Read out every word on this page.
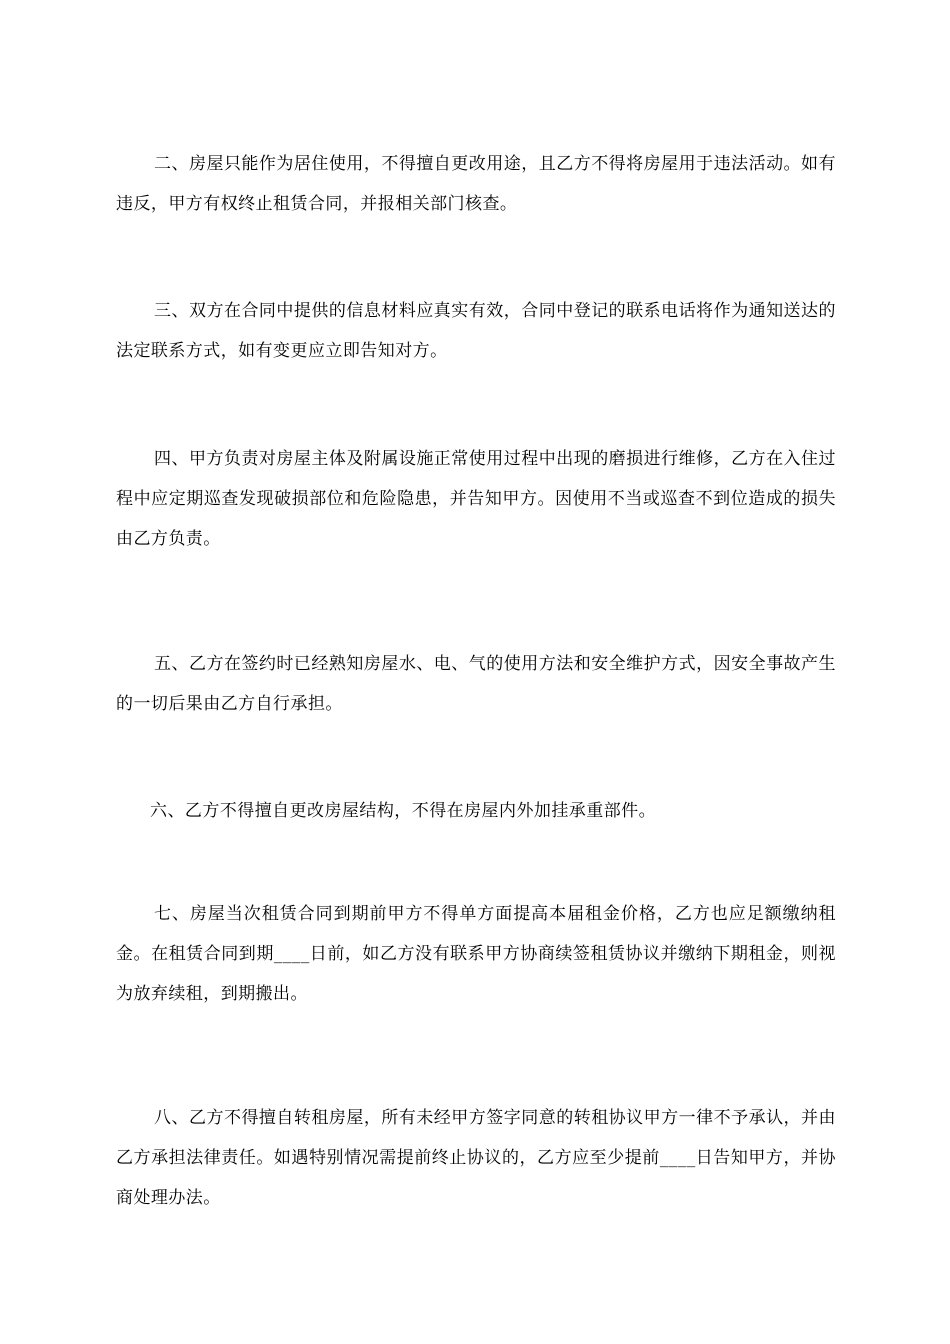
二、房屋只能作为居住使用，不得擅自更改用途，且乙方不得将房屋用于违法活动。如有违反，甲方有权终止租赁合同，并报相关部门核查。

三、双方在合同中提供的信息材料应真实有效，合同中登记的联系电话将作为通知送达的法定联系方式，如有变更应立即告知对方。

四、甲方负责对房屋主体及附属设施正常使用过程中出现的磨损进行维修，乙方在入住过程中应定期巡查发现破损部位和危险隐患，并告知甲方。因使用不当或巡查不到位造成的损失由乙方负责。

五、乙方在签约时已经熟知房屋水、电、气的使用方法和安全维护方式，因安全事故产生的一切后果由乙方自行承担。

六、乙方不得擅自更改房屋结构，不得在房屋内外加挂承重部件。

七、房屋当次租赁合同到期前甲方不得单方面提高本届租金价格，乙方也应足额缴纳租金。在租赁合同到期____日前，如乙方没有联系甲方协商续签租赁协议并缴纳下期租金，则视为放弃续租，到期搬出。

八、乙方不得擅自转租房屋，所有未经甲方签字同意的转租协议甲方一律不予承认，并由乙方承担法律责任。如遇特别情况需提前终止协议的，乙方应至少提前____日告知甲方，并协商处理办法。
